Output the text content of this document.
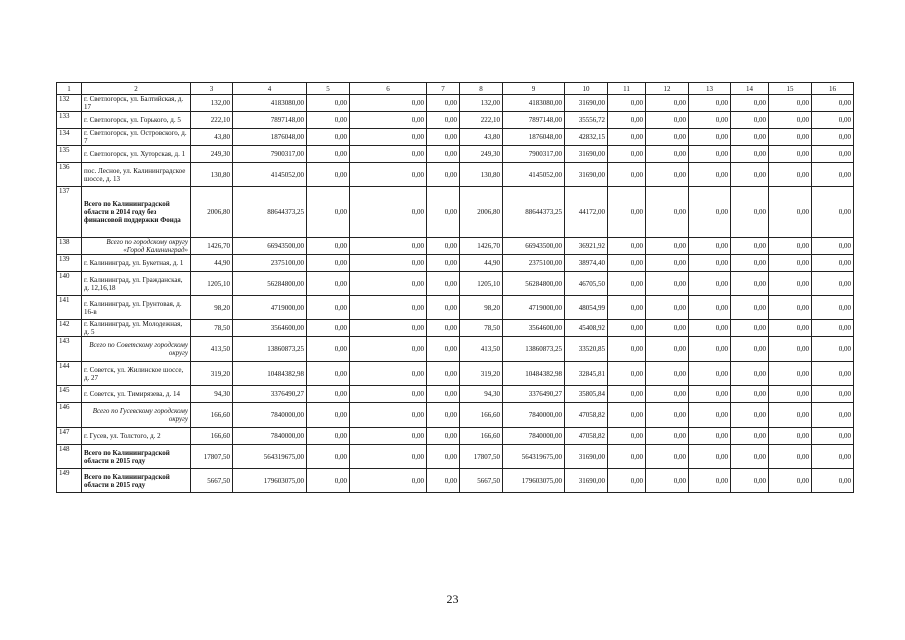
1	2	3	4	5	6	7	8	9	10	11	12	13	14	15	16
132	г. Светлогорск, ул. Балтийская, д. 17	132,00	4183080,00	0,00	0,00	0,00	132,00	4183080,00	31690,00	0,00	0,00	0,00	0,00	0,00	0,00
133	г. Светлогорск, ул. Горького, д. 5	222,10	7897148,00	0,00	0,00	0,00	222,10	7897148,00	35556,72	0,00	0,00	0,00	0,00	0,00	0,00
134	г. Светлогорск, ул. Островского, д. 7	43,80	1876048,00	0,00	0,00	0,00	43,80	1876048,00	42832,15	0,00	0,00	0,00	0,00	0,00	0,00
135	г. Светлогорск, ул. Хуторская, д. 1	249,30	7900317,00	0,00	0,00	0,00	249,30	7900317,00	31690,00	0,00	0,00	0,00	0,00	0,00	0,00
136	пос. Лесное, ул. Калининградское шоссе, д. 13	130,80	4145052,00	0,00	0,00	0,00	130,80	4145052,00	31690,00	0,00	0,00	0,00	0,00	0,00	0,00
137	Всего по Калининградской области в 2014 году без финансовой поддержки Фонда	2006,80	88644373,25	0,00	0,00	0,00	2006,80	88644373,25	44172,00	0,00	0,00	0,00	0,00	0,00	0,00
138	Всего по городскому округу «Город Калининград»	1426,70	66943500,00	0,00	0,00	0,00	1426,70	66943500,00	36921,92	0,00	0,00	0,00	0,00	0,00	0,00
139	г. Калининград, ул. Букетная, д. 1	44,90	2375100,00	0,00	0,00	0,00	44,90	2375100,00	38974,40	0,00	0,00	0,00	0,00	0,00	0,00
140	г. Калининград, ул. Гражданская, д. 12,16,18	1205,10	56284800,00	0,00	0,00	0,00	1205,10	56284800,00	46705,50	0,00	0,00	0,00	0,00	0,00	0,00
141	г. Калининград, ул. Грунтовая, д. 16-в	98,20	4719000,00	0,00	0,00	0,00	98,20	4719000,00	48054,99	0,00	0,00	0,00	0,00	0,00	0,00
142	г. Калининград, ул. Молодежная, д. 5	78,50	3564600,00	0,00	0,00	0,00	78,50	3564600,00	45408,92	0,00	0,00	0,00	0,00	0,00	0,00
143	Всего по Советскому городскому округу	413,50	13860873,25	0,00	0,00	0,00	413,50	13860873,25	33520,85	0,00	0,00	0,00	0,00	0,00	0,00
144	г. Советск, ул. Жилинское шоссе, д. 27	319,20	10484382,98	0,00	0,00	0,00	319,20	10484382,98	32845,81	0,00	0,00	0,00	0,00	0,00	0,00
145	г. Советск, ул. Тимирязева, д. 14	94,30	3376490,27	0,00	0,00	0,00	94,30	3376490,27	35805,84	0,00	0,00	0,00	0,00	0,00	0,00
146	Всего по Гусевскому городскому округу	166,60	7840000,00	0,00	0,00	0,00	166,60	7840000,00	47058,82	0,00	0,00	0,00	0,00	0,00	0,00
147	г. Гусев, ул. Толстого, д. 2	166,60	7840000,00	0,00	0,00	0,00	166,60	7840000,00	47058,82	0,00	0,00	0,00	0,00	0,00	0,00
148	Всего по Калининградской области в 2015 году	17807,50	564319675,00	0,00	0,00	0,00	17807,50	564319675,00	31690,00	0,00	0,00	0,00	0,00	0,00	0,00
149	Всего по Калининградской области в 2015 году	5667,50	179603075,00	0,00	0,00	0,00	5667,50	179603075,00	31690,00	0,00	0,00	0,00	0,00	0,00	0,00
23
